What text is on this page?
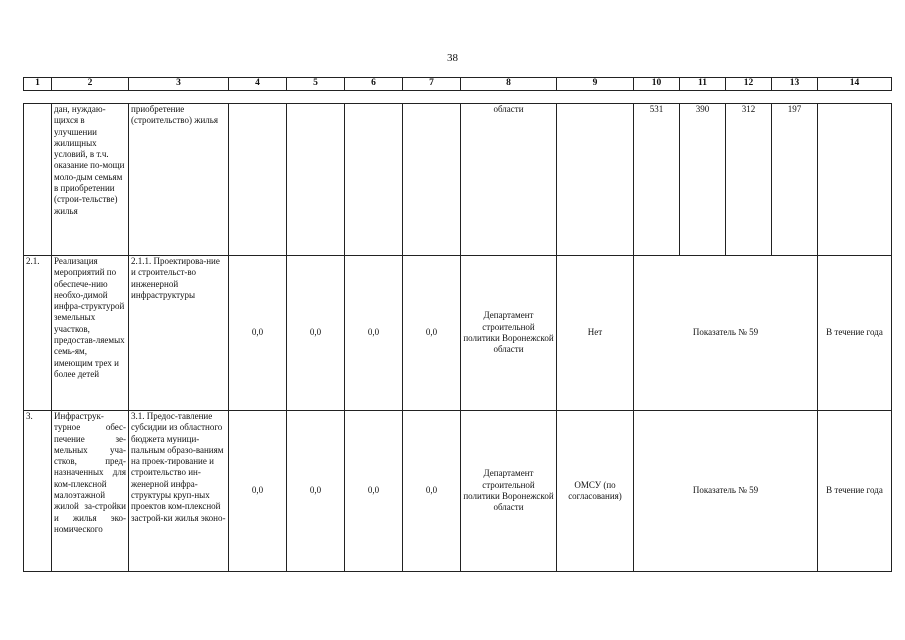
38
1	2	3	4	5	6	7	8	9	10	11	12	13	14

	дан, нуждаю-щихся в улучшении жилищных условий, в т.ч. оказание по-мощи моло-дым семьям в приобретении (строи-тельстве) жилья	приобретение (строительство) жилья					области		531	390	312	197	
2.1.	Реализация мероприятий по обеспече-нию необхо-димой инфра-структурой земельных участков, предостав-ляемых семь-ям, имеющим трех и более детей	2.1.1. Проектирова-ние и строительст-во инженерной инфраструктуры	0,0	0,0	0,0	0,0	Департамент строительной политики Воронежской области	Нет	Показатель № 59				В течение года
3.	Инфраструк-турное обес-печение зе-мельных уча-стков, пред-назначенных для ком-плексной малоэтажной жилой за-стройки и жилья эко-номического	3.1. Предос-тавление субсидии из областного бюджета муници-пальным образо-ваниям на проек-тирование и строительство ин-женерной инфра-структуры круп-ных проектов ком-плексной застрой-ки жилья эконо-	0,0	0,0	0,0	0,0	Департамент строительной политики Воронежской области	ОМСУ (по согласования)	Показатель № 59				В течение года
